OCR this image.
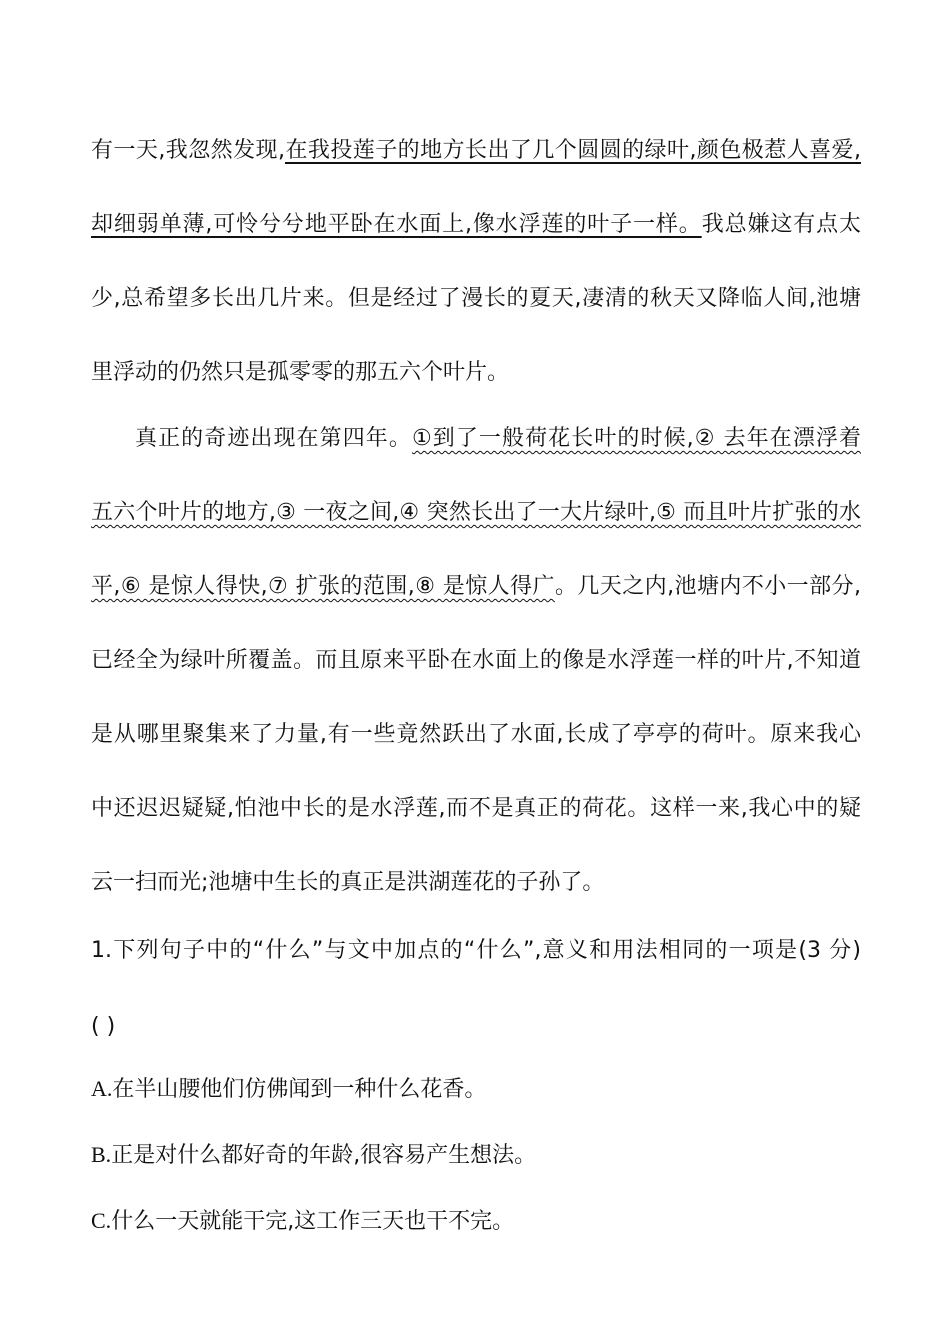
有一天,我忽然发现,在我投莲子的地方长出了几个圆圆的绿叶,颜色极惹人喜爱,
却细弱单薄,可怜兮兮地平卧在水面上,像水浮莲的叶子一样。我总嫌这有点太
少,总希望多长出几片来。但是经过了漫长的夏天,凄清的秋天又降临人间,池塘
里浮动的仍然只是孤零零的那五六个叶片。
真正的奇迹出现在第四年。①到了一般荷花长叶的时候,② 去年在漂浮着
五六个叶片的地方,③ 一夜之间,④ 突然长出了一大片绿叶,⑤ 而且叶片扩张的水
平,⑥ 是惊人得快,⑦ 扩张的范围,⑧ 是惊人得广。几天之内,池塘内不小一部分,
已经全为绿叶所覆盖。而且原来平卧在水面上的像是水浮莲一样的叶片,不知道
是从哪里聚集来了力量,有一些竟然跃出了水面,长成了亭亭的荷叶。原来我心
中还迟迟疑疑,怕池中长的是水浮莲,而不是真正的荷花。这样一来,我心中的疑
云一扫而光;池塘中生长的真正是洪湖莲花的子孙了。
1.下列句子中的“什么”与文中加点的“什么”,意义和用法相同的一项是(3 分)
( )
A.在半山腰他们仿佛闻到一种什么花香。
B.正是对什么都好奇的年龄,很容易产生想法。
C.什么一天就能干完,这工作三天也干不完。
